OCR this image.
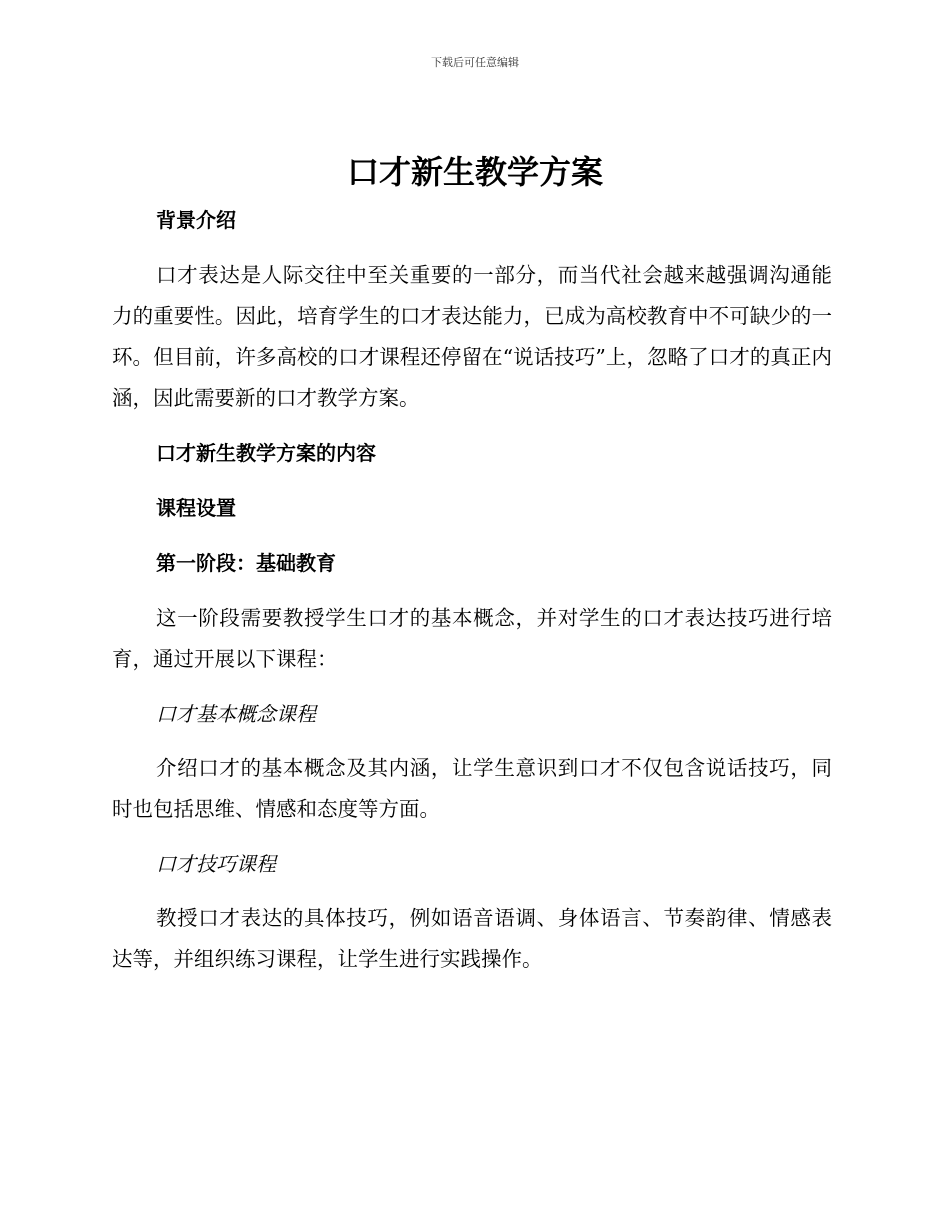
下载后可任意编辑
口才新生教学方案

背景介绍

口才表达是人际交往中至关重要的一部分，而当代社会越来越强调沟通能力的重要性。因此，培育学生的口才表达能力，已成为高校教育中不可缺少的一环。但目前，许多高校的口才课程还停留在“说话技巧”上，忽略了口才的真正内涵，因此需要新的口才教学方案。

口才新生教学方案的内容

课程设置

第一阶段：基础教育

这一阶段需要教授学生口才的基本概念，并对学生的口才表达技巧进行培育，通过开展以下课程：

口才基本概念课程

介绍口才的基本概念及其内涵，让学生意识到口才不仅包含说话技巧，同时也包括思维、情感和态度等方面。

口才技巧课程

教授口才表达的具体技巧，例如语音语调、身体语言、节奏韵律、情感表达等，并组织练习课程，让学生进行实践操作。
